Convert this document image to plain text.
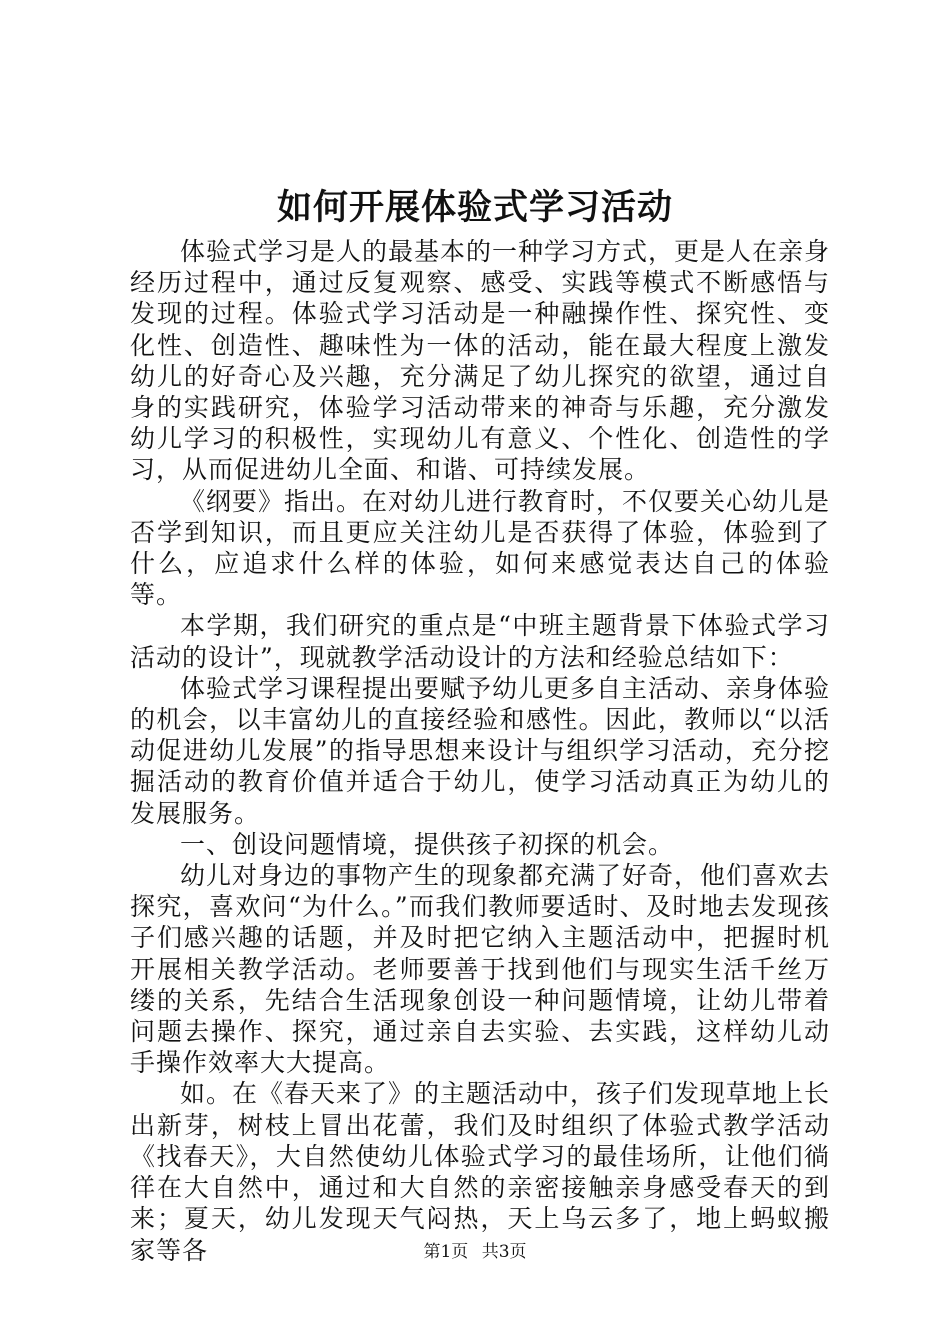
如何开展体验式学习活动

体验式学习是人的最基本的一种学习方式，更是人在亲身经历过程中，通过反复观察、感受、实践等模式不断感悟与发现的过程。体验式学习活动是一种融操作性、探究性、变化性、创造性、趣味性为一体的活动，能在最大程度上激发幼儿的好奇心及兴趣，充分满足了幼儿探究的欲望，通过自身的实践研究，体验学习活动带来的神奇与乐趣，充分激发幼儿学习的积极性，实现幼儿有意义、个性化、创造性的学习，从而促进幼儿全面、和谐、可持续发展。

《纲要》指出。在对幼儿进行教育时，不仅要关心幼儿是否学到知识，而且更应关注幼儿是否获得了体验，体验到了什么，应追求什么样的体验，如何来感觉表达自己的体验等。

本学期，我们研究的重点是“中班主题背景下体验式学习活动的设计”，现就教学活动设计的方法和经验总结如下：

体验式学习课程提出要赋予幼儿更多自主活动、亲身体验的机会，以丰富幼儿的直接经验和感性。因此，教师以“以活动促进幼儿发展”的指导思想来设计与组织学习活动，充分挖掘活动的教育价值并适合于幼儿，使学习活动真正为幼儿的发展服务。

一、创设问题情境，提供孩子初探的机会。

幼儿对身边的事物产生的现象都充满了好奇，他们喜欢去探究，喜欢问“为什么。”而我们教师要适时、及时地去发现孩子们感兴趣的话题，并及时把它纳入主题活动中，把握时机开展相关教学活动。老师要善于找到他们与现实生活千丝万缕的关系，先结合生活现象创设一种问题情境，让幼儿带着问题去操作、探究，通过亲自去实验、去实践，这样幼儿动手操作效率大大提高。

如。在《春天来了》的主题活动中，孩子们发现草地上长出新芽，树枝上冒出花蕾，我们及时组织了体验式教学活动《找春天》，大自然使幼儿体验式学习的最佳场所，让他们徜徉在大自然中，通过和大自然的亲密接触亲身感受春天的到来；夏天，幼儿发现天气闷热，天上乌云多了，地上蚂蚁搬家等各	第1页 共3页
